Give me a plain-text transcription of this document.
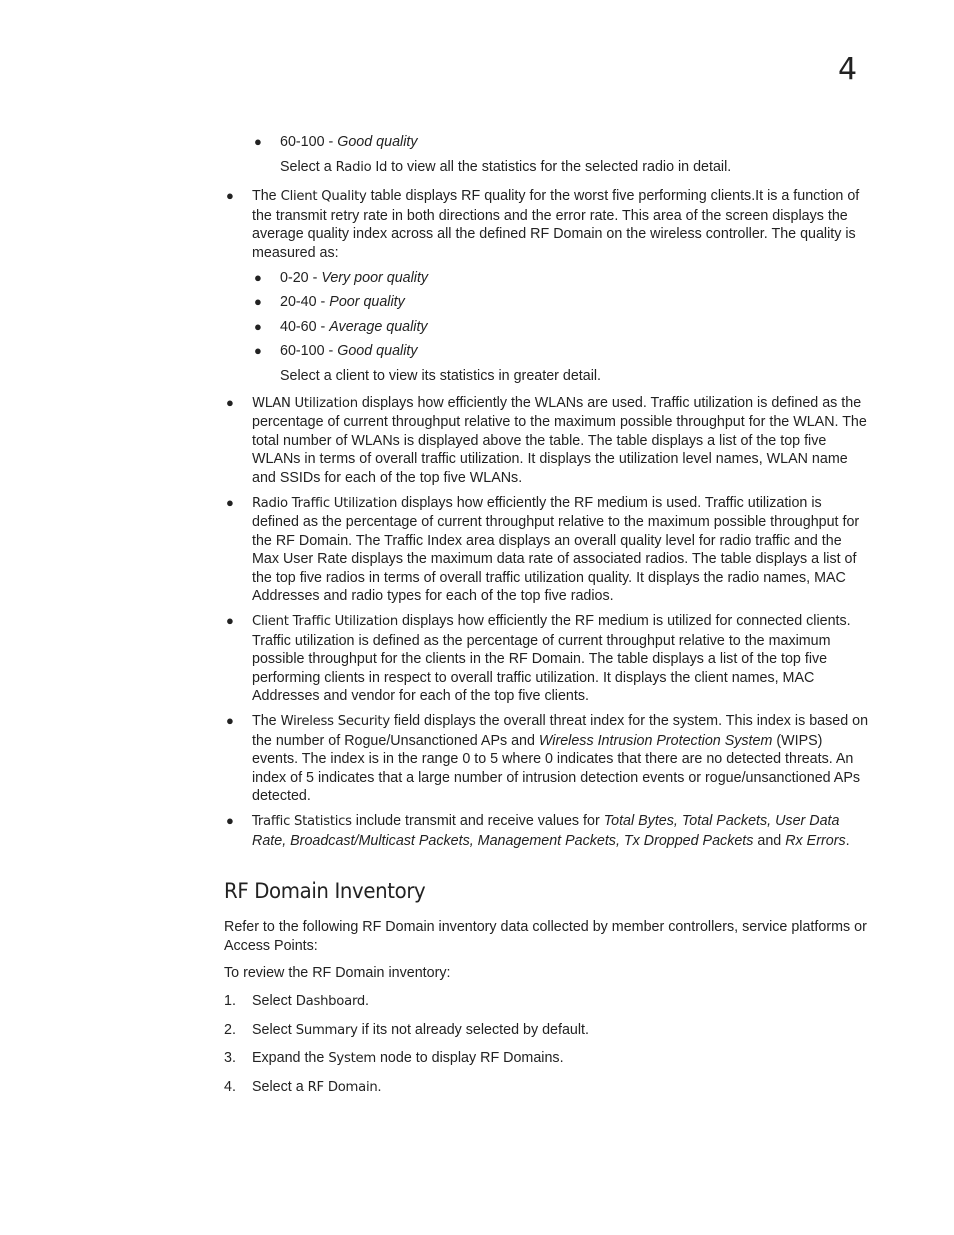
4
● 60-100 - Good quality
Select a Radio Id to view all the statistics for the selected radio in detail.
● The Client Quality table displays RF quality for the worst five performing clients.It is a function of the transmit retry rate in both directions and the error rate. This area of the screen displays the average quality index across all the defined RF Domain on the wireless controller. The quality is measured as:
● 0-20 - Very poor quality
● 20-40 - Poor quality
● 40-60 - Average quality
● 60-100 - Good quality
Select a client to view its statistics in greater detail.
● WLAN Utilization displays how efficiently the WLANs are used. Traffic utilization is defined as the percentage of current throughput relative to the maximum possible throughput for the WLAN. The total number of WLANs is displayed above the table. The table displays a list of the top five WLANs in terms of overall traffic utilization. It displays the utilization level names, WLAN name and SSIDs for each of the top five WLANs.
● Radio Traffic Utilization displays how efficiently the RF medium is used. Traffic utilization is defined as the percentage of current throughput relative to the maximum possible throughput for the RF Domain. The Traffic Index area displays an overall quality level for radio traffic and the Max User Rate displays the maximum data rate of associated radios. The table displays a list of the top five radios in terms of overall traffic utilization quality. It displays the radio names, MAC Addresses and radio types for each of the top five radios.
● Client Traffic Utilization displays how efficiently the RF medium is utilized for connected clients. Traffic utilization is defined as the percentage of current throughput relative to the maximum possible throughput for the clients in the RF Domain. The table displays a list of the top five performing clients in respect to overall traffic utilization. It displays the client names, MAC Addresses and vendor for each of the top five clients.
● The Wireless Security field displays the overall threat index for the system. This index is based on the number of Rogue/Unsanctioned APs and Wireless Intrusion Protection System (WIPS) events. The index is in the range 0 to 5 where 0 indicates that there are no detected threats. An index of 5 indicates that a large number of intrusion detection events or rogue/unsanctioned APs detected.
● Traffic Statistics include transmit and receive values for Total Bytes, Total Packets, User Data Rate, Broadcast/Multicast Packets, Management Packets, Tx Dropped Packets and Rx Errors.
RF Domain Inventory

Refer to the following RF Domain inventory data collected by member controllers, service platforms or Access Points:

To review the RF Domain inventory:

1. Select Dashboard.
2. Select Summary if its not already selected by default.
3. Expand the System node to display RF Domains.
4. Select a RF Domain.
